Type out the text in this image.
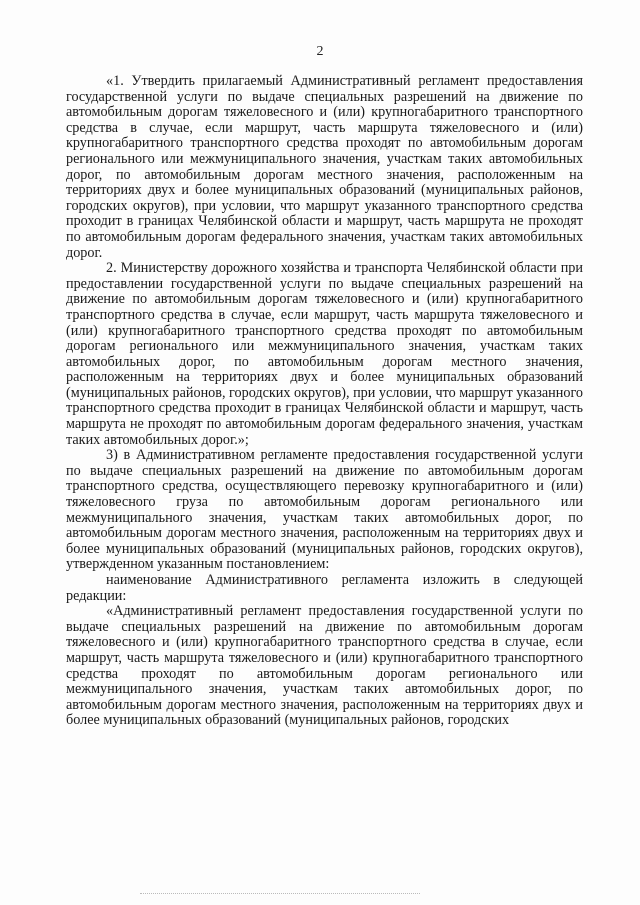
2

«1. Утвердить прилагаемый Административный регламент предоставления государственной услуги по выдаче специальных разрешений на движение по автомобильным дорогам тяжеловесного и (или) крупногабаритного транспортного средства в случае, если маршрут, часть маршрута тяжеловесного и (или) крупногабаритного транспортного средства проходят по автомобильным дорогам регионального или межмуниципального значения, участкам таких автомобильных дорог, по автомобильным дорогам местного значения, расположенным на территориях двух и более муниципальных образований (муниципальных районов, городских округов), при условии, что маршрут указанного транспортного средства проходит в границах Челябинской области и маршрут, часть маршрута не проходят по автомобильным дорогам федерального значения, участкам таких автомобильных дорог.

2. Министерству дорожного хозяйства и транспорта Челябинской области при предоставлении государственной услуги по выдаче специальных разрешений на движение по автомобильным дорогам тяжеловесного и (или) крупногабаритного транспортного средства в случае, если маршрут, часть маршрута тяжеловесного и (или) крупногабаритного транспортного средства проходят по автомобильным дорогам регионального или межмуниципального значения, участкам таких автомобильных дорог, по автомобильным дорогам местного значения, расположенным на территориях двух и более муниципальных образований (муниципальных районов, городских округов), при условии, что маршрут указанного транспортного средства проходит в границах Челябинской области и маршрут, часть маршрута не проходят по автомобильным дорогам федерального значения, участкам таких автомобильных дорог.»;

3) в Административном регламенте предоставления государственной услуги по выдаче специальных разрешений на движение по автомобильным дорогам транспортного средства, осуществляющего перевозку крупногабаритного и (или) тяжеловесного груза по автомобильным дорогам регионального или межмуниципального значения, участкам таких автомобильных дорог, по автомобильным дорогам местного значения, расположенным на территориях двух и более муниципальных образований (муниципальных районов, городских округов), утвержденном указанным постановлением:

наименование Административного регламента изложить в следующей редакции:

«Административный регламент предоставления государственной услуги по выдаче специальных разрешений на движение по автомобильным дорогам тяжеловесного и (или) крупногабаритного транспортного средства в случае, если маршрут, часть маршрута тяжеловесного и (или) крупногабаритного транспортного средства проходят по автомобильным дорогам регионального или межмуниципального значения, участкам таких автомобильных дорог, по автомобильным дорогам местного значения, расположенным на территориях двух и более муниципальных образований (муниципальных районов, городских
